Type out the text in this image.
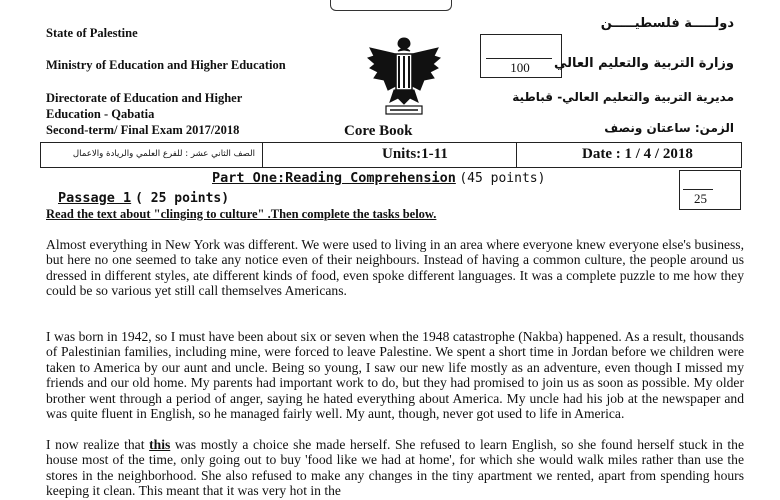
State of Palestine
Ministry of Education and Higher Education
Directorate of Education and Higher
Education - Qabatia
Second-term/ Final Exam 2017/2018
100
دولـــــة فلسطيـــــن
وزارة التربية والتعليم العالي
مديرية التربية والتعليم العالي- قباطية
الزمن: ساعتان ونصف
Core Book
الصف الثاني عشر : للفرع العلمي والريادة والاعمال	Units:1-11	Date : 1 / 4 / 2018
Part One:Reading Comprehension (45 points)
25
Passage 1 ( 25 points)
Read the text about "clinging to culture" .Then complete the tasks below.
Almost everything in New York was different. We were used to living in an area where everyone knew everyone else's business, but here no one seemed to take any notice even of their neighbours. Instead of having a common culture, the people around us dressed in different styles, ate different kinds of food, even spoke different languages. It was a complete puzzle to me how they could be so various yet still call themselves Americans.
I was born in 1942, so I must have been about six or seven when the 1948 catastrophe (Nakba) happened. As a result, thousands of Palestinian families, including mine, were forced to leave Palestine. We spent a short time in Jordan before we children were taken to America by our aunt and uncle. Being so young, I saw our new life mostly as an adventure, even though I missed my friends and our old home. My parents had important work to do, but they had promised to join us as soon as possible. My older brother went through a period of anger, saying he hated everything about America. My uncle had his job at the newspaper and was quite fluent in English, so he managed fairly well. My aunt, though, never got used to life in America.
I now realize that this was mostly a choice she made herself. She refused to learn English, so she found herself stuck in the house most of the time, only going out to buy 'food like we had at home', for which she would walk miles rather than use the stores in the neighborhood. She also refused to make any changes in the tiny apartment we rented, apart from spending hours keeping it clean. This meant that it was very hot in the
